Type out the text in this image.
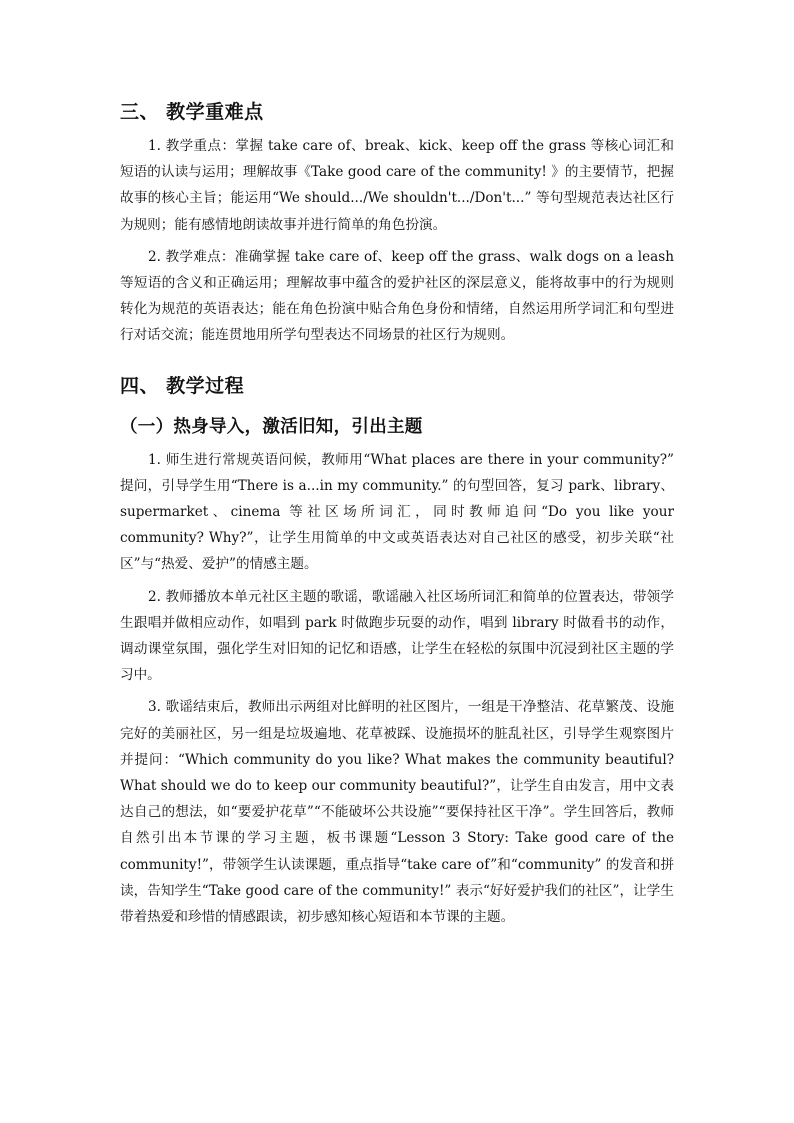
三、 教学重难点

1. 教学重点：掌握 take care of、break、kick、keep off the grass 等核心词汇和短语的认读与运用；理解故事《Take good care of the community! 》的主要情节，把握故事的核心主旨；能运用“We should.../We shouldn't.../Don't...” 等句型规范表达社区行为规则；能有感情地朗读故事并进行简单的角色扮演。

2. 教学难点：准确掌握 take care of、keep off the grass、walk dogs on a leash 等短语的含义和正确运用；理解故事中蕴含的爱护社区的深层意义，能将故事中的行为规则转化为规范的英语表达；能在角色扮演中贴合角色身份和情绪，自然运用所学词汇和句型进行对话交流；能连贯地用所学句型表达不同场景的社区行为规则。

四、 教学过程
（一）热身导入，激活旧知，引出主题

1. 师生进行常规英语问候，教师用“What places are there in your community?” 提问，引导学生用“There is a...in my community.” 的句型回答，复习 park、library、supermarket、cinema 等社区场所词汇，同时教师追问“Do you like your community? Why?”，让学生用简单的中文或英语表达对自己社区的感受，初步关联“社区”与“热爱、爱护”的情感主题。

2. 教师播放本单元社区主题的歌谣，歌谣融入社区场所词汇和简单的位置表达，带领学生跟唱并做相应动作，如唱到 park 时做跑步玩耍的动作，唱到 library 时做看书的动作，调动课堂氛围，强化学生对旧知的记忆和语感，让学生在轻松的氛围中沉浸到社区主题的学习中。

3. 歌谣结束后，教师出示两组对比鲜明的社区图片，一组是干净整洁、花草繁茂、设施完好的美丽社区，另一组是垃圾遍地、花草被踩、设施损坏的脏乱社区，引导学生观察图片并提问：“Which community do you like? What makes the community beautiful? What should we do to keep our community beautiful?”，让学生自由发言，用中文表达自己的想法，如“要爱护花草”“不能破坏公共设施”“要保持社区干净”。学生回答后，教师自然引出本节课的学习主题，板书课题“Lesson 3 Story: Take good care of the community!”，带领学生认读课题，重点指导“take care of”和“community” 的发音和拼读，告知学生“Take good care of the community!” 表示“好好爱护我们的社区”，让学生带着热爱和珍惜的情感跟读，初步感知核心短语和本节课的主题。
